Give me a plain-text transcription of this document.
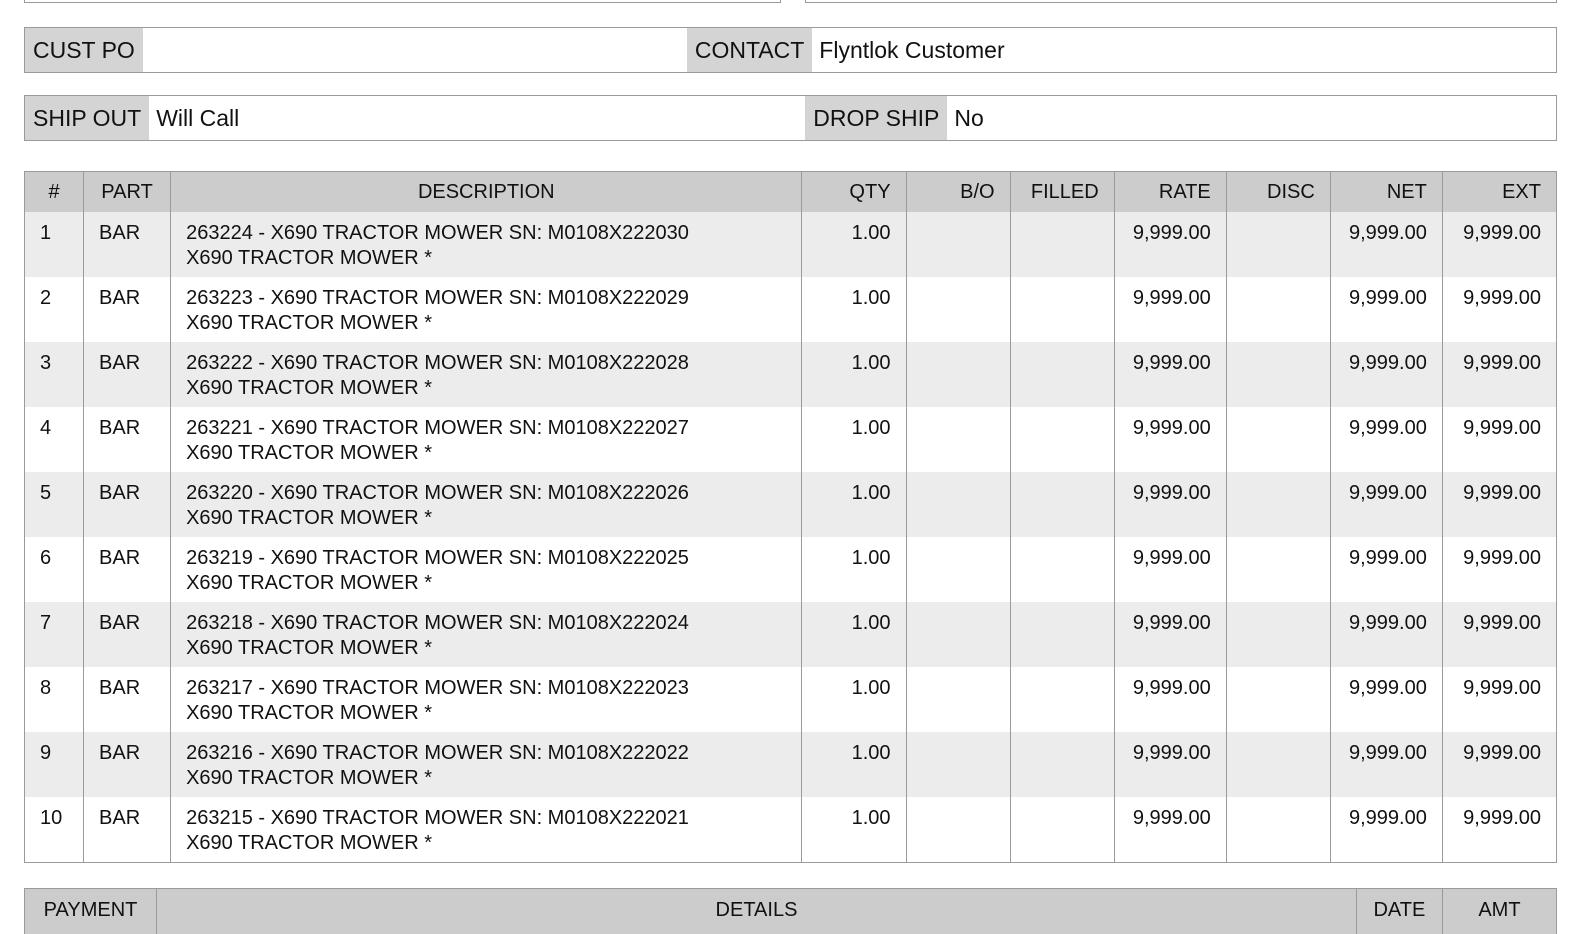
CUST PO	CONTACT Flyntlok Customer
SHIP OUT Will Call	DROP SHIP No
#	PART	DESCRIPTION	QTY	B/O	FILLED	RATE	DISC	NET	EXT
1	BAR	263224 - X690 TRACTOR MOWER SN: M0108X222030
X690 TRACTOR MOWER *	1.00			9,999.00		9,999.00	9,999.00
2	BAR	263223 - X690 TRACTOR MOWER SN: M0108X222029
X690 TRACTOR MOWER *	1.00			9,999.00		9,999.00	9,999.00
3	BAR	263222 - X690 TRACTOR MOWER SN: M0108X222028
X690 TRACTOR MOWER *	1.00			9,999.00		9,999.00	9,999.00
4	BAR	263221 - X690 TRACTOR MOWER SN: M0108X222027
X690 TRACTOR MOWER *	1.00			9,999.00		9,999.00	9,999.00
5	BAR	263220 - X690 TRACTOR MOWER SN: M0108X222026
X690 TRACTOR MOWER *	1.00			9,999.00		9,999.00	9,999.00
6	BAR	263219 - X690 TRACTOR MOWER SN: M0108X222025
X690 TRACTOR MOWER *	1.00			9,999.00		9,999.00	9,999.00
7	BAR	263218 - X690 TRACTOR MOWER SN: M0108X222024
X690 TRACTOR MOWER *	1.00			9,999.00		9,999.00	9,999.00
8	BAR	263217 - X690 TRACTOR MOWER SN: M0108X222023
X690 TRACTOR MOWER *	1.00			9,999.00		9,999.00	9,999.00
9	BAR	263216 - X690 TRACTOR MOWER SN: M0108X222022
X690 TRACTOR MOWER *	1.00			9,999.00		9,999.00	9,999.00
10	BAR	263215 - X690 TRACTOR MOWER SN: M0108X222021
X690 TRACTOR MOWER *	1.00			9,999.00		9,999.00	9,999.00
PAYMENT	DETAILS	DATE	AMT
